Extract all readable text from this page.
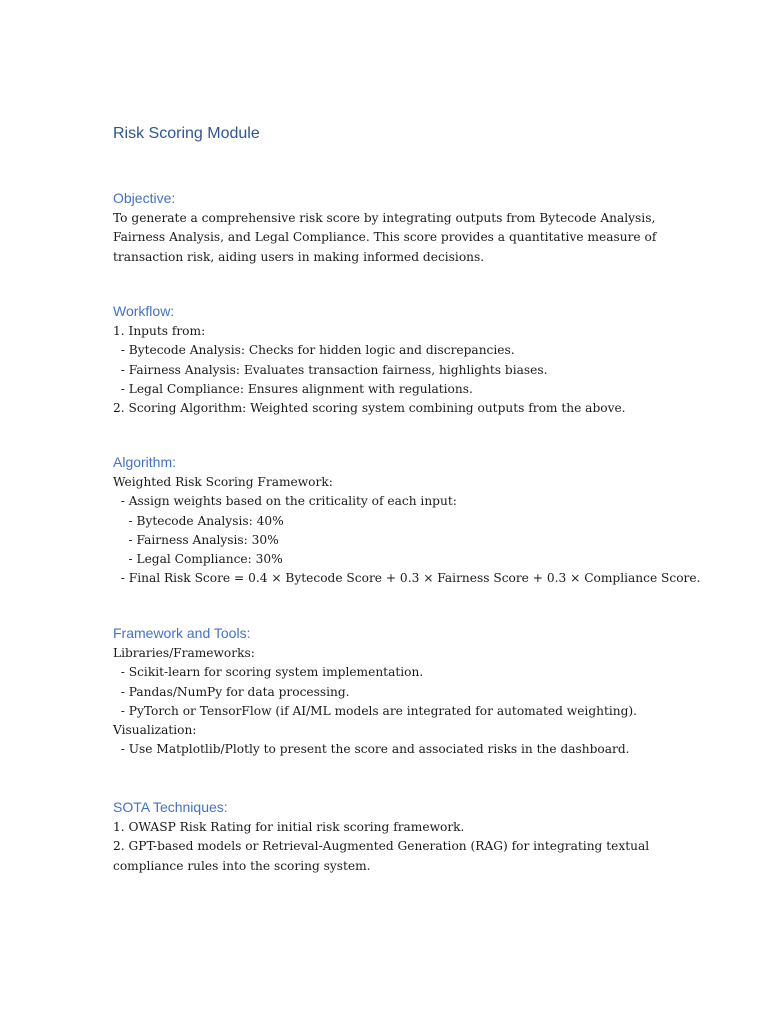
Risk Scoring Module
Objective:

To generate a comprehensive risk score by integrating outputs from Bytecode Analysis,

Fairness Analysis, and Legal Compliance. This score provides a quantitative measure of

transaction risk, aiding users in making informed decisions.

Workflow:

1. Inputs from:

- Bytecode Analysis: Checks for hidden logic and discrepancies.

- Fairness Analysis: Evaluates transaction fairness, highlights biases.

- Legal Compliance: Ensures alignment with regulations.

2. Scoring Algorithm: Weighted scoring system combining outputs from the above.

Algorithm:

Weighted Risk Scoring Framework:

- Assign weights based on the criticality of each input:

- Bytecode Analysis: 40%

- Fairness Analysis: 30%

- Legal Compliance: 30%

- Final Risk Score = 0.4 × Bytecode Score + 0.3 × Fairness Score + 0.3 × Compliance Score.

Framework and Tools:

Libraries/Frameworks:

- Scikit-learn for scoring system implementation.

- Pandas/NumPy for data processing.

- PyTorch or TensorFlow (if AI/ML models are integrated for automated weighting).

Visualization:

- Use Matplotlib/Plotly to present the score and associated risks in the dashboard.

SOTA Techniques:

1. OWASP Risk Rating for initial risk scoring framework.

2. GPT-based models or Retrieval-Augmented Generation (RAG) for integrating textual

compliance rules into the scoring system.
